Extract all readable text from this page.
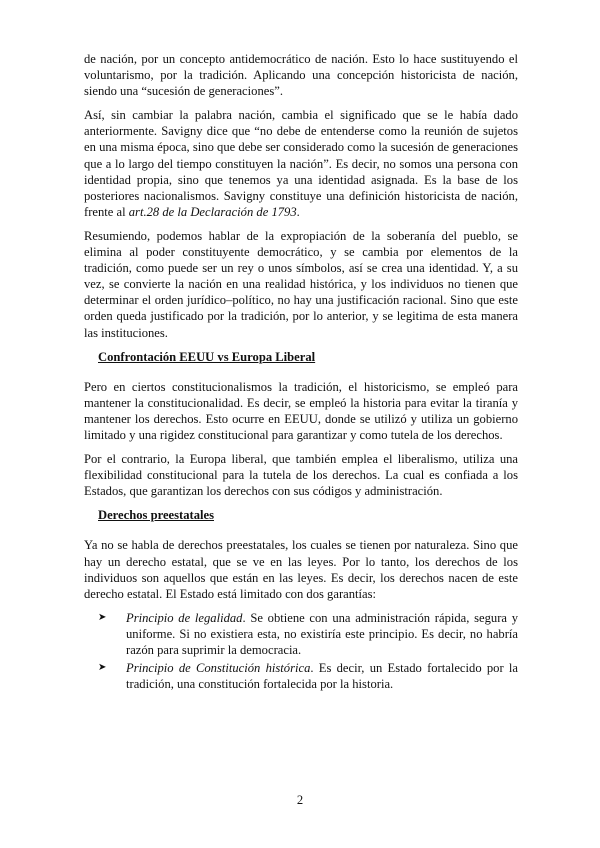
de nación, por un concepto antidemocrático de nación. Esto lo hace sustituyendo el voluntarismo, por la tradición. Aplicando una concepción historicista de nación, siendo una “sucesión de generaciones”.

Así, sin cambiar la palabra nación, cambia el significado que se le había dado anteriormente. Savigny dice que “no debe de entenderse como la reunión de sujetos en una misma época, sino que debe ser considerado como la sucesión de generaciones que a lo largo del tiempo constituyen la nación”. Es decir, no somos una persona con identidad propia, sino que tenemos ya una identidad asignada. Es la base de los posteriores nacionalismos. Savigny constituye una definición historicista de nación, frente al art.28 de la Declaración de 1793.

Resumiendo, podemos hablar de la expropiación de la soberanía del pueblo, se elimina al poder constituyente democrático, y se cambia por elementos de la tradición, como puede ser un rey o unos símbolos, así se crea una identidad. Y, a su vez, se convierte la nación en una realidad histórica, y los individuos no tienen que determinar el orden jurídico–político, no hay una justificación racional. Sino que este orden queda justificado por la tradición, por lo anterior, y se legitima de esta manera las instituciones.

Confrontación EEUU vs Europa Liberal

Pero en ciertos constitucionalismos la tradición, el historicismo, se empleó para mantener la constitucionalidad. Es decir, se empleó la historia para evitar la tiranía y mantener los derechos. Esto ocurre en EEUU, donde se utilizó y utiliza un gobierno limitado y una rigidez constitucional para garantizar y como tutela de los derechos.

Por el contrario, la Europa liberal, que también emplea el liberalismo, utiliza una flexibilidad constitucional para la tutela de los derechos. La cual es confiada a los Estados, que garantizan los derechos con sus códigos y administración.

Derechos preestatales

Ya no se habla de derechos preestatales, los cuales se tienen por naturaleza. Sino que hay un derecho estatal, que se ve en las leyes. Por lo tanto, los derechos de los individuos son aquellos que están en las leyes. Es decir, los derechos nacen de este derecho estatal. El Estado está limitado con dos garantías:

➤ Principio de legalidad. Se obtiene con una administración rápida, segura y uniforme. Si no existiera esta, no existiría este principio. Es decir, no habría razón para suprimir la democracia.
➤ Principio de Constitución histórica. Es decir, un Estado fortalecido por la tradición, una constitución fortalecida por la historia.
2
